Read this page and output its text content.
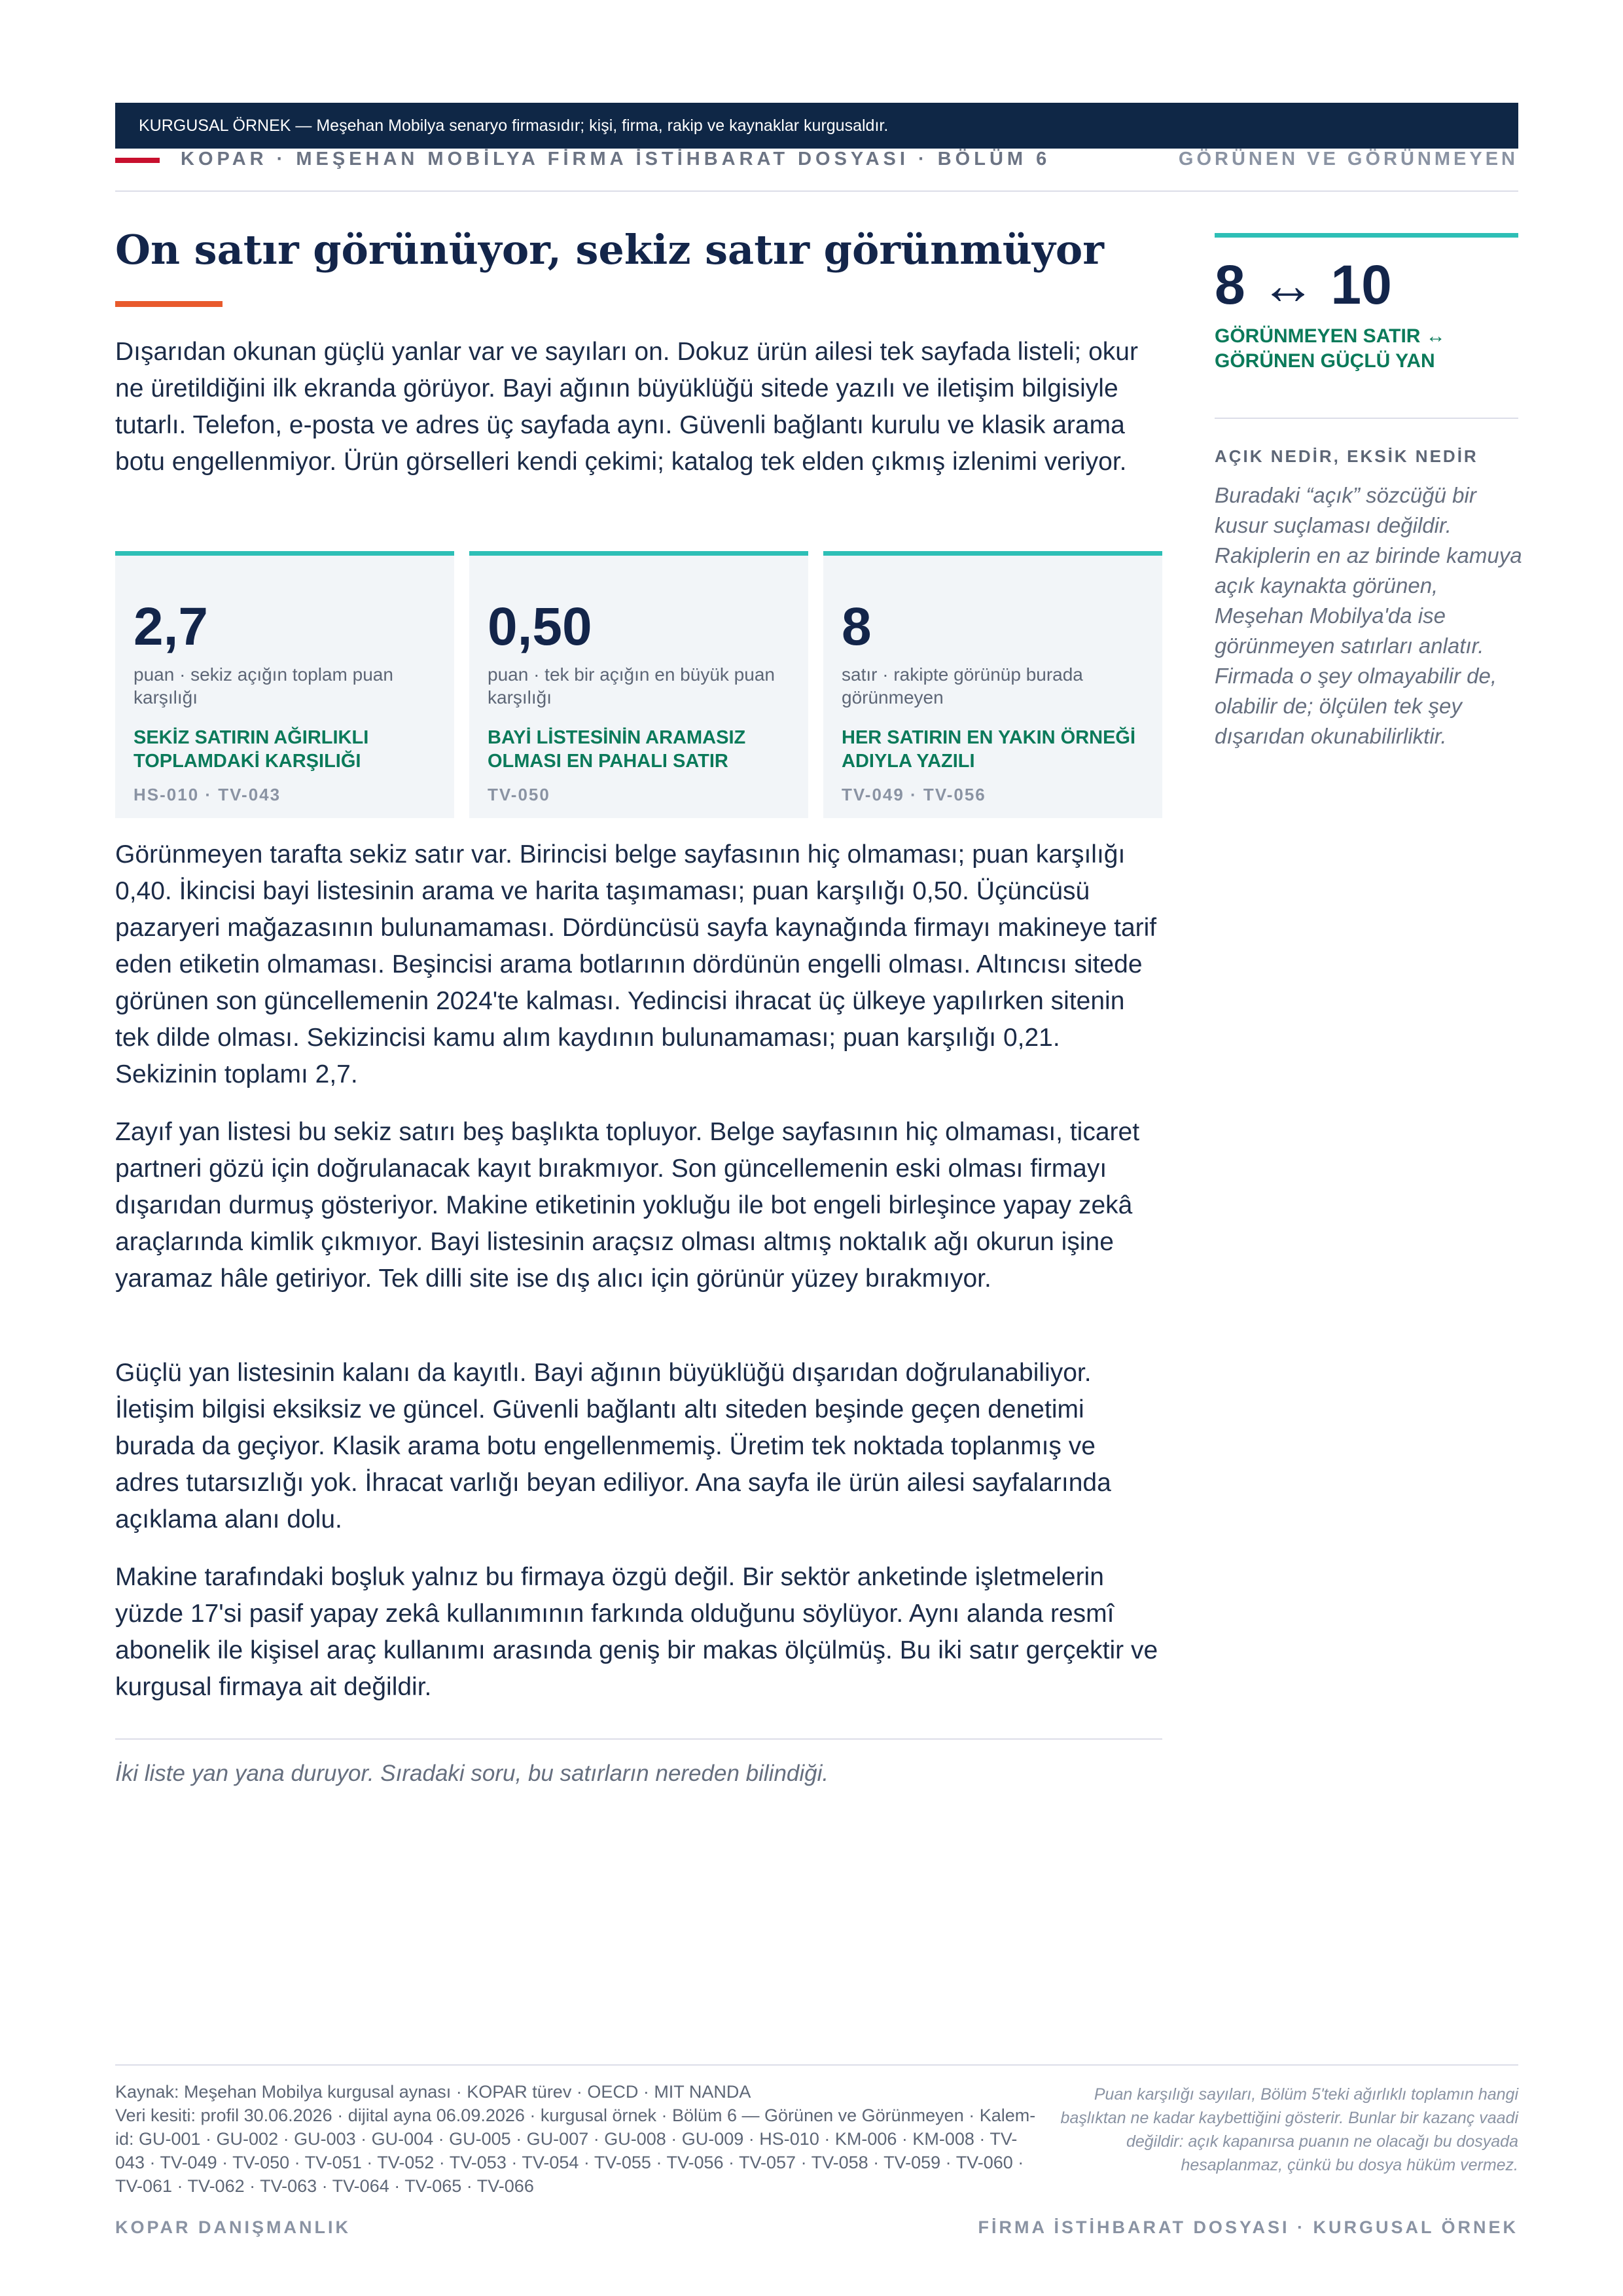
KURGUSAL ÖRNEK — Meşehan Mobilya senaryo firmasıdır; kişi, firma, rakip ve kaynaklar kurgusaldır.
KOPAR · MEŞEHAN MOBİLYA FİRMA İSTİHBARAT DOSYASI · BÖLÜM 6	GÖRÜNEN VE GÖRÜNMEYEN
On satır görünüyor, sekiz satır görünmüyor

Dışarıdan okunan güçlü yanlar var ve sayıları on. Dokuz ürün ailesi tek sayfada listeli; okur ne üretildiğini ilk ekranda görüyor. Bayi ağının büyüklüğü sitede yazılı ve iletişim bilgisiyle tutarlı. Telefon, e-posta ve adres üç sayfada aynı. Güvenli bağlantı kurulu ve klasik arama botu engellenmiyor. Ürün görselleri kendi çekimi; katalog tek elden çıkmış izlenimi veriyor.

2,7
puan · sekiz açığın toplam puan karşılığı
SEKİZ SATIRIN AĞIRLIKLI TOPLAMDAKİ KARŞILIĞI
HS-010 · TV-043
0,50
puan · tek bir açığın en büyük puan karşılığı
BAYİ LİSTESİNİN ARAMASIZ OLMASI EN PAHALI SATIR
TV-050
8
satır · rakipte görünüp burada görünmeyen
HER SATIRIN EN YAKIN ÖRNEĞİ ADIYLA YAZILI
TV-049 · TV-056

Görünmeyen tarafta sekiz satır var. Birincisi belge sayfasının hiç olmaması; puan karşılığı 0,40. İkincisi bayi listesinin arama ve harita taşımaması; puan karşılığı 0,50. Üçüncüsü pazaryeri mağazasının bulunamaması. Dördüncüsü sayfa kaynağında firmayı makineye tarif eden etiketin olmaması. Beşincisi arama botlarının dördünün engelli olması. Altıncısı sitede görünen son güncellemenin 2024'te kalması. Yedincisi ihracat üç ülkeye yapılırken sitenin tek dilde olması. Sekizincisi kamu alım kaydının bulunamaması; puan karşılığı 0,21. Sekizinin toplamı 2,7.

Zayıf yan listesi bu sekiz satırı beş başlıkta topluyor. Belge sayfasının hiç olmaması, ticaret partneri gözü için doğrulanacak kayıt bırakmıyor. Son güncellemenin eski olması firmayı dışarıdan durmuş gösteriyor. Makine etiketinin yokluğu ile bot engeli birleşince yapay zekâ araçlarında kimlik çıkmıyor. Bayi listesinin araçsız olması altmış noktalık ağı okurun işine yaramaz hâle getiriyor. Tek dilli site ise dış alıcı için görünür yüzey bırakmıyor.

Güçlü yan listesinin kalanı da kayıtlı. Bayi ağının büyüklüğü dışarıdan doğrulanabiliyor. İletişim bilgisi eksiksiz ve güncel. Güvenli bağlantı altı siteden beşinde geçen denetimi burada da geçiyor. Klasik arama botu engellenmemiş. Üretim tek noktada toplanmış ve adres tutarsızlığı yok. İhracat varlığı beyan ediliyor. Ana sayfa ile ürün ailesi sayfalarında açıklama alanı dolu.

Makine tarafındaki boşluk yalnız bu firmaya özgü değil. Bir sektör anketinde işletmelerin yüzde 17'si pasif yapay zekâ kullanımının farkında olduğunu söylüyor. Aynı alanda resmî abonelik ile kişisel araç kullanımı arasında geniş bir makas ölçülmüş. Bu iki satır gerçektir ve kurgusal firmaya ait değildir.

İki liste yan yana duruyor. Sıradaki soru, bu satırların nereden bilindiği.
8 ↔ 10
GÖRÜNMEYEN SATIR ↔ GÖRÜNEN GÜÇLÜ YAN
AÇIK NEDİR, EKSİK NEDİR

Buradaki “açık” sözcüğü bir kusur suçlaması değildir. Rakiplerin en az birinde kamuya açık kaynakta görünen, Meşehan Mobilya'da ise görünmeyen satırları anlatır. Firmada o şey olmayabilir de, olabilir de; ölçülen tek şey dışarıdan okunabilirliktir.

Kaynak: Meşehan Mobilya kurgusal aynası · KOPAR türev · OECD · MIT NANDA
Veri kesiti: profil 30.06.2026 · dijital ayna 06.09.2026 · kurgusal örnek · Bölüm 6 — Görünen ve Görünmeyen · Kalem-id: GU-001 · GU-002 · GU-003 · GU-004 · GU-005 · GU-007 · GU-008 · GU-009 · HS-010 · KM-006 · KM-008 · TV-043 · TV-049 · TV-050 · TV-051 · TV-052 · TV-053 · TV-054 · TV-055 · TV-056 · TV-057 · TV-058 · TV-059 · TV-060 · TV-061 · TV-062 · TV-063 · TV-064 · TV-065 · TV-066
Puan karşılığı sayıları, Bölüm 5'teki ağırlıklı toplamın hangi başlıktan ne kadar kaybettiğini gösterir. Bunlar bir kazanç vaadi değildir: açık kapanırsa puanın ne olacağı bu dosyada hesaplanmaz, çünkü bu dosya hüküm vermez.
KOPAR DANIŞMANLIK	FİRMA İSTİHBARAT DOSYASI · KURGUSAL ÖRNEK
